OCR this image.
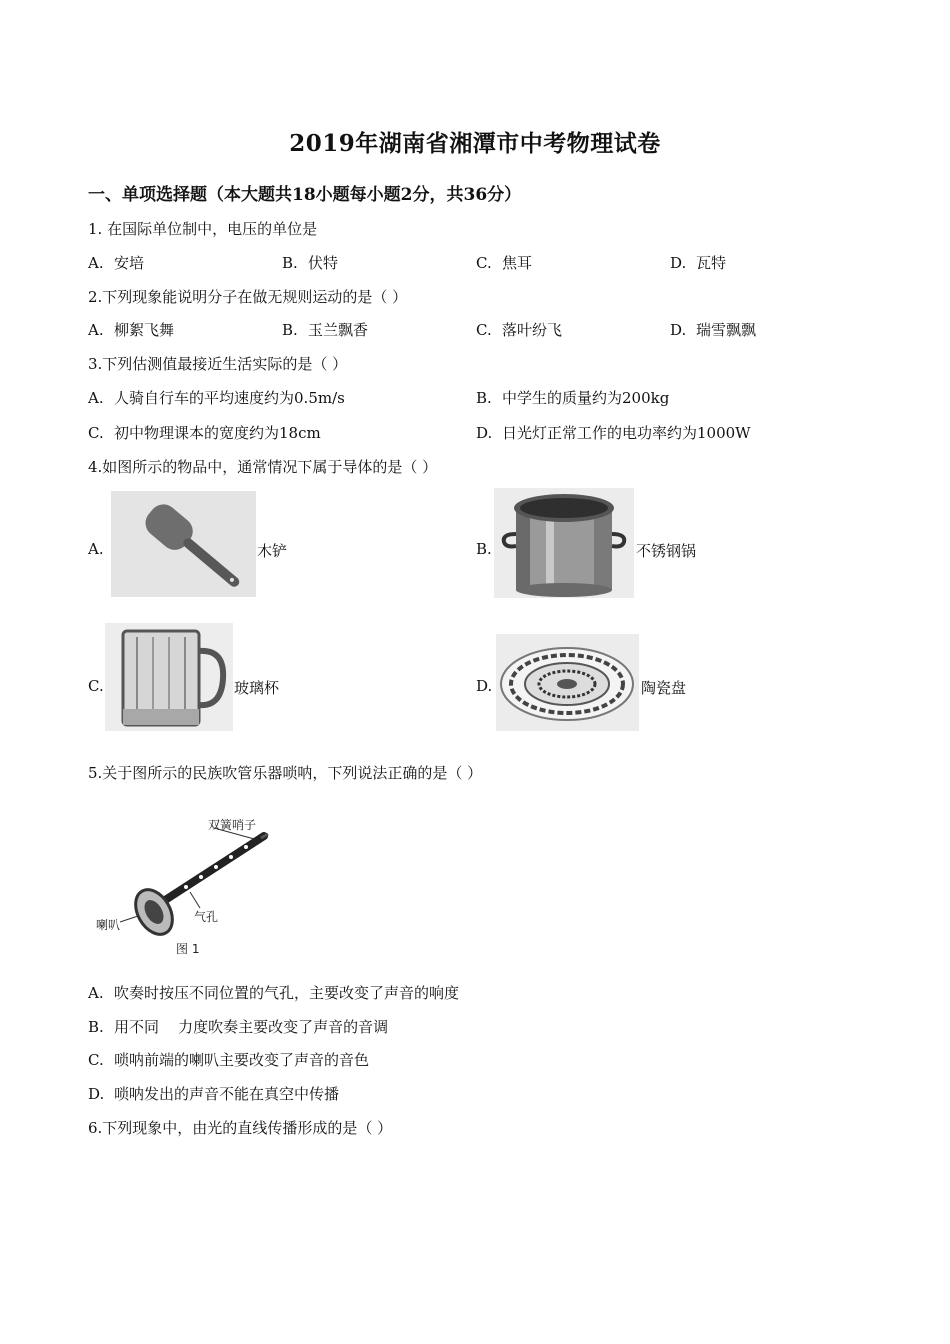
2019年湖南省湘潭市中考物理试卷
一、单项选择题（本大题共18小题每小题2分，共36分）
1. 在国际单位制中，电压的单位是
A. 安培	B. 伏特	C. 焦耳	D. 瓦特
2.下列现象能说明分子在做无规则运动的是（ ）
A. 柳絮飞舞	B. 玉兰飘香	C. 落叶纷飞	D. 瑞雪飘飘
3.下列估测值最接近生活实际的是（ ）
A. 人骑自行车的平均速度约为0.5m/s	B. 中学生的质量约为200kg
C. 初中物理课本的宽度约为18cm	D. 日光灯正常工作的电功率约为1000W
4.如图所示的物品中，通常情况下属于导体的是（ ）
A.	木铲	B.	不锈钢锅
C.	玻璃杯	D.	陶瓷盘
5.关于图所示的民族吹管乐器唢呐，下列说法正确的是（ ）
双簧哨子
气孔
喇叭
图 1
A. 吹奏时按压不同位置的气孔，主要改变了声音的响度
B. 用不同    力度吹奏主要改变了声音的音调
C. 唢呐前端的喇叭主要改变了声音的音色
D. 唢呐发出的声音不能在真空中传播
6.下列现象中，由光的直线传播形成的是（ ）
